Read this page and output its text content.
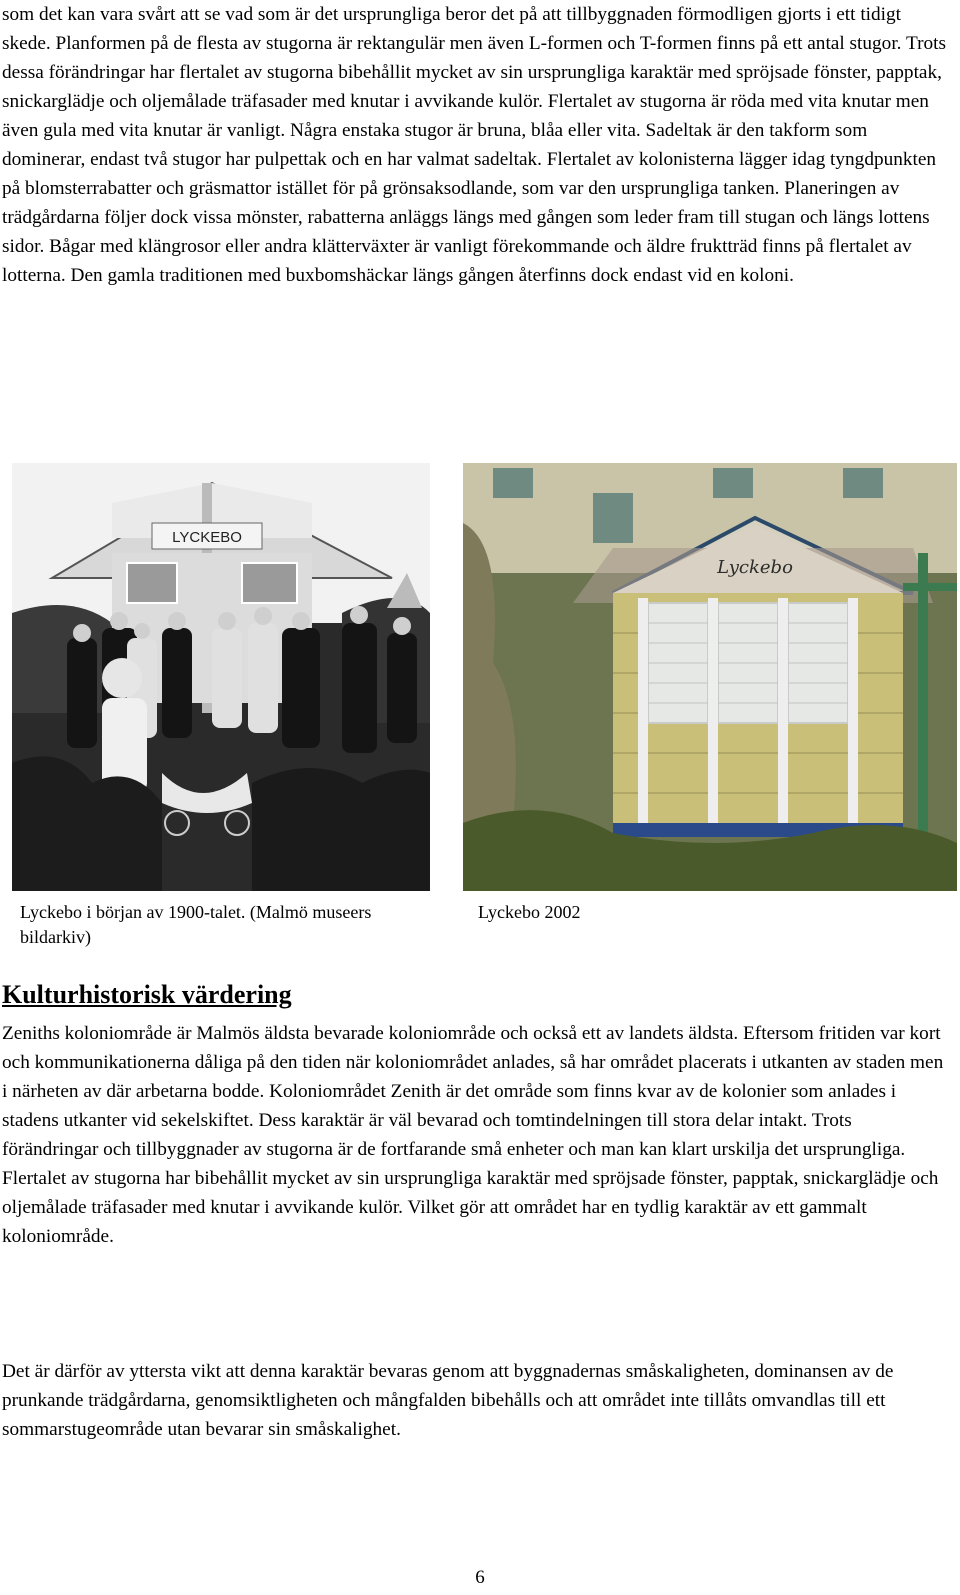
som det kan vara svårt att se vad som är det ursprungliga beror det på att tillbyggnaden förmodligen gjorts i ett tidigt skede. Planformen på de flesta av stugorna är rektangulär men även L-formen och T-formen finns på ett antal stugor. Trots dessa förändringar har flertalet av stugorna bibehållit mycket av sin ursprungliga karaktär med spröjsade fönster, papptak, snickarglädje och oljemålade träfasader med knutar i avvikande kulör. Flertalet av stugorna är röda med vita knutar men även gula med vita knutar är vanligt. Några enstaka stugor är bruna, blåa eller vita. Sadeltak är den takform som dominerar, endast två stugor har pulpettak och en har valmat sadeltak. Flertalet av kolonisterna lägger idag tyngdpunkten på blomsterrabatter och gräsmattor istället för på grönsaksodlande, som var den ursprungliga tanken. Planeringen av trädgårdarna följer dock vissa mönster, rabatterna anläggs längs med gången som leder fram till stugan och längs lottens sidor. Bågar med klängrosor eller andra klätterväxter är vanligt förekommande och äldre fruktträd finns på flertalet av lotterna. Den gamla traditionen med buxbomshäckar längs gången återfinns dock endast vid en koloni.

LYCKEBO
Lyckebo
Lyckebo i början av 1900-talet. (Malmö museers bildarkiv)
Lyckebo 2002
Kulturhistorisk värdering

Zeniths koloniområde är Malmös äldsta bevarade koloniområde och också ett av landets äldsta. Eftersom fritiden var kort och kommunikationerna dåliga på den tiden när koloniområdet anlades, så har området placerats i utkanten av staden men i närheten av där arbetarna bodde. Koloniområdet Zenith är det område som finns kvar av de kolonier som anlades i stadens utkanter vid sekelskiftet. Dess karaktär är väl bevarad och tomtindelningen till stora delar intakt. Trots förändringar och tillbyggnader av stugorna är de fortfarande små enheter och man kan klart urskilja det ursprungliga. Flertalet av stugorna har bibehållit mycket av sin ursprungliga karaktär med spröjsade fönster, papptak, snickarglädje och oljemålade träfasader med knutar i avvikande kulör. Vilket gör att området har en tydlig karaktär av ett gammalt koloniområde.

Det är därför av yttersta vikt att denna karaktär bevaras genom att byggnadernas småskaligheten, dominansen av de prunkande trädgårdarna, genomsiktligheten och mångfalden bibehålls och att området inte tillåts omvandlas till ett sommarstugeområde utan bevarar sin småskalighet.

6
